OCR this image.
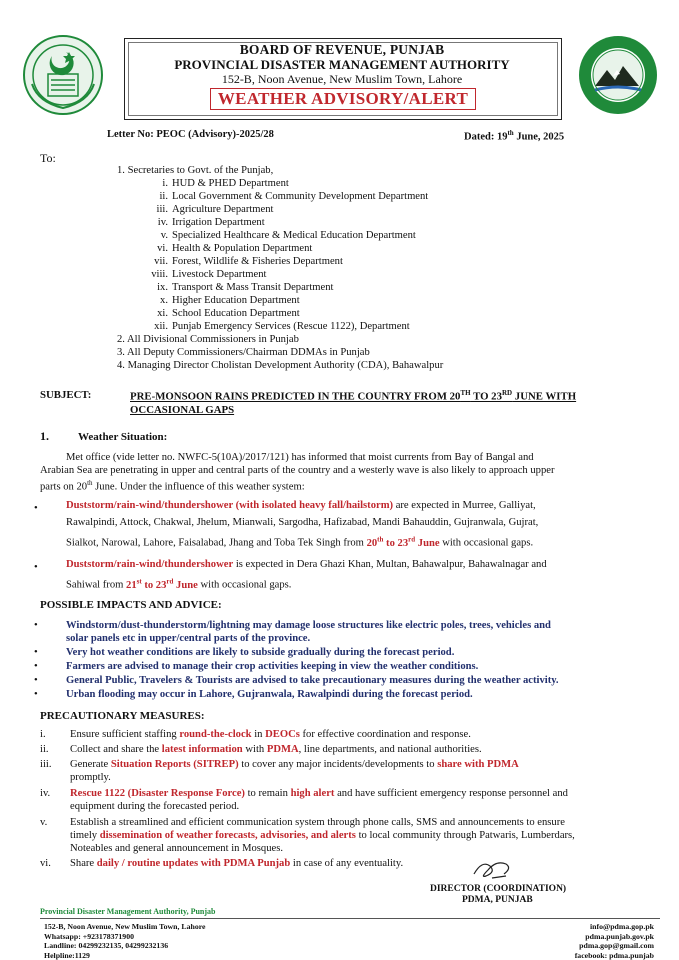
BOARD OF REVENUE, PUNJAB
PROVINCIAL DISASTER MANAGEMENT AUTHORITY
152-B, Noon Avenue, New Muslim Town, Lahore
WEATHER ADVISORY/ALERT
Letter No: PEOC (Advisory)-2025/28	Dated: 19th June, 2025
To:
1. Secretaries to Govt. of the Punjab,
i. HUD & PHED Department
ii. Local Government & Community Development Department
iii. Agriculture Department
iv. Irrigation Department
v. Specialized Healthcare & Medical Education Department
vi. Health & Population Department
vii. Forest, Wildlife & Fisheries Department
viii. Livestock Department
ix. Transport & Mass Transit Department
x. Higher Education Department
xi. School Education Department
xii. Punjab Emergency Services (Rescue 1122), Department
2. All Divisional Commissioners in Punjab
3. All Deputy Commissioners/Chairman DDMAs in Punjab
4. Managing Director Cholistan Development Authority (CDA), Bahawalpur
SUBJECT:	PRE-MONSOON RAINS PREDICTED IN THE COUNTRY FROM 20TH TO 23RD JUNE WITH
OCCASIONAL GAPS
1.	Weather Situation:
Met office (vide letter no. NWFC-5(10A)/2017/121) has informed that moist currents from Bay of Bangal and
Arabian Sea are penetrating in upper and central parts of the country and a westerly wave is also likely to approach upper
parts on 20th June. Under the influence of this weather system:
•	Duststorm/rain-wind/thundershower (with isolated heavy fall/hailstorm) are expected in Murree, Galliyat,
Rawalpindi, Attock, Chakwal, Jhelum, Mianwali, Sargodha, Hafizabad, Mandi Bahauddin, Gujranwala, Gujrat,
Sialkot, Narowal, Lahore, Faisalabad, Jhang and Toba Tek Singh from 20th to 23rd June with occasional gaps.
•	Duststorm/rain-wind/thundershower is expected in Dera Ghazi Khan, Multan, Bahawalpur, Bahawalnagar and
Sahiwal from 21st to 23rd June with occasional gaps.
POSSIBLE IMPACTS AND ADVICE:
•	Windstorm/dust-thunderstorm/lightning may damage loose structures like electric poles, trees, vehicles and
solar panels etc in upper/central parts of the province.
•	Very hot weather conditions are likely to subside gradually during the forecast period.
•	Farmers are advised to manage their crop activities keeping in view the weather conditions.
•	General Public, Travelers & Tourists are advised to take precautionary measures during the weather activity.
•	Urban flooding may occur in Lahore, Gujranwala, Rawalpindi during the forecast period.
PRECAUTIONARY MEASURES:
i. Ensure sufficient staffing round-the-clock in DEOCs for effective coordination and response.
ii. Collect and share the latest information with PDMA, line departments, and national authorities.
iii. Generate Situation Reports (SITREP) to cover any major incidents/developments to share with PDMA
promptly.
iv. Rescue 1122 (Disaster Response Force) to remain high alert and have sufficient emergency response personnel and
equipment during the forecasted period.
v. Establish a streamlined and efficient communication system through phone calls, SMS and announcements to ensure
timely dissemination of weather forecasts, advisories, and alerts to local community through Patwaris, Lumberdars,
Noteables and general announcement in Mosques.
vi. Share daily / routine updates with PDMA Punjab in case of any eventuality.
DIRECTOR (COORDINATION)
PDMA, PUNJAB
Provincial Disaster Management Authority, Punjab
152-B, Noon Avenue, New Muslim Town, Lahore
Whatsapp: +923178371900
Landline: 04299232135, 04299232136
Helpline:1129
info@pdma.gop.pk
pdma.punjab.gov.pk
pdma.gop@gmail.com
facebook: pdma.punjab
